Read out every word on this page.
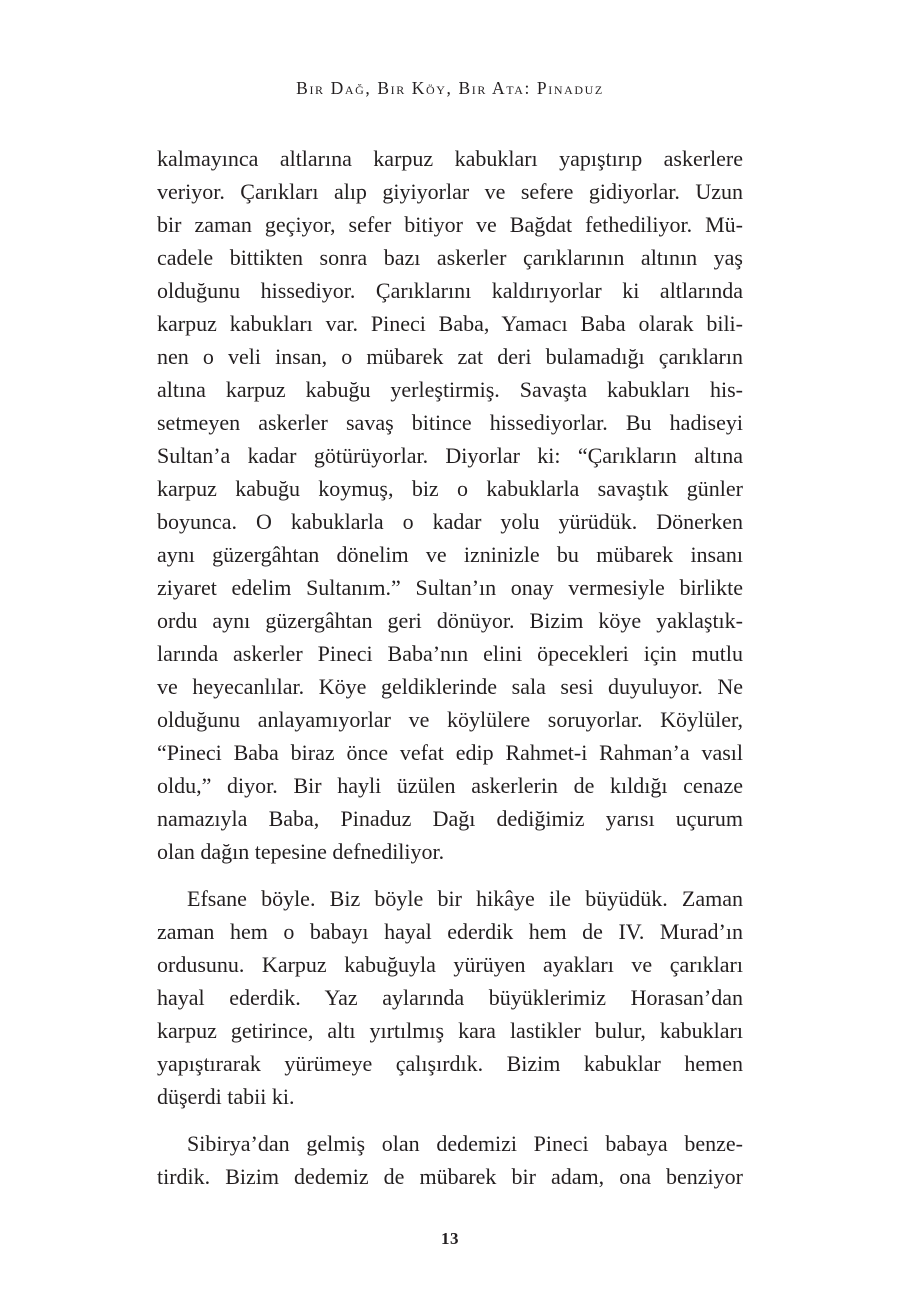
Bir Dağ, Bir Köy, Bir Ata: Pinaduz
kalmayınca altlarına karpuz kabukları yapıştırıp askerlere
veriyor. Çarıkları alıp giyiyorlar ve sefere gidiyorlar. Uzun
bir zaman geçiyor, sefer bitiyor ve Bağdat fethediliyor. Mü-
cadele bittikten sonra bazı askerler çarıklarının altının yaş
olduğunu hissediyor. Çarıklarını kaldırıyorlar ki altlarında
karpuz kabukları var. Pineci Baba, Yamacı Baba olarak bili-
nen o veli insan, o mübarek zat deri bulamadığı çarıkların
altına karpuz kabuğu yerleştirmiş. Savaşta kabukları his-
setmeyen askerler savaş bitince hissediyorlar. Bu hadiseyi
Sultan’a kadar götürüyorlar. Diyorlar ki: “Çarıkların altına
karpuz kabuğu koymuş, biz o kabuklarla savaştık günler
boyunca. O kabuklarla o kadar yolu yürüdük. Dönerken
aynı güzergâhtan dönelim ve izninizle bu mübarek insanı
ziyaret edelim Sultanım.” Sultan’ın onay vermesiyle birlikte
ordu aynı güzergâhtan geri dönüyor. Bizim köye yaklaştık-
larında askerler Pineci Baba’nın elini öpecekleri için mutlu
ve heyecanlılar. Köye geldiklerinde sala sesi duyuluyor. Ne
olduğunu anlayamıyorlar ve köylülere soruyorlar. Köylüler,
“Pineci Baba biraz önce vefat edip Rahmet-i Rahman’a vasıl
oldu,” diyor. Bir hayli üzülen askerlerin de kıldığı cenaze
namazıyla Baba, Pinaduz Dağı dediğimiz yarısı uçurum
olan dağın tepesine defnediliyor.
Efsane böyle. Biz böyle bir hikâye ile büyüdük. Zaman
zaman hem o babayı hayal ederdik hem de IV. Murad’ın
ordusunu. Karpuz kabuğuyla yürüyen ayakları ve çarıkları
hayal ederdik. Yaz aylarında büyüklerimiz Horasan’dan
karpuz getirince, altı yırtılmış kara lastikler bulur, kabukları
yapıştırarak yürümeye çalışırdık. Bizim kabuklar hemen
düşerdi tabii ki.
Sibirya’dan gelmiş olan dedemizi Pineci babaya benze-
tirdik. Bizim dedemiz de mübarek bir adam, ona benziyor
13
